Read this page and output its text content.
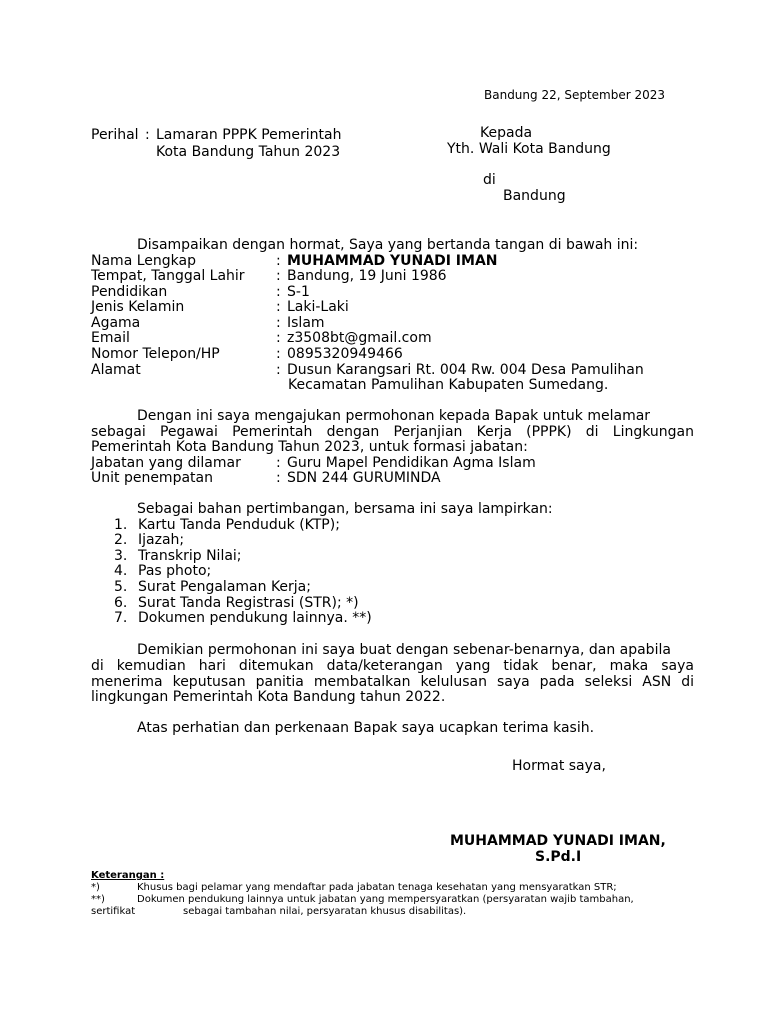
Bandung 22, September 2023
Perihal : Lamaran PPPK Pemerintah
Kota Bandung Tahun 2023
Kepada
Yth. Wali Kota Bandung
di
Bandung
Disampaikan dengan hormat, Saya yang bertanda tangan di bawah ini:
Nama Lengkap	: MUHAMMAD YUNADI IMAN
Tempat, Tanggal Lahir : Bandung, 19 Juni 1986
Pendidikan	: S-1
Jenis Kelamin	: Laki-Laki
Agama	: Islam
Email	: z3508bt@gmail.com
Nomor Telepon/HP	: 0895320949466
Alamat	: Dusun Karangsari Rt. 004 Rw. 004 Desa Pamulihan
Kecamatan Pamulihan Kabupaten Sumedang.
Dengan ini saya mengajukan permohonan kepada Bapak untuk melamar
sebagai Pegawai Pemerintah dengan Perjanjian Kerja (PPPK) di Lingkungan
Pemerintah Kota Bandung Tahun 2023, untuk formasi jabatan:
Jabatan yang dilamar	: Guru Mapel Pendidikan Agma Islam
Unit penempatan	: SDN 244 GURUMINDA
Sebagai bahan pertimbangan, bersama ini saya lampirkan:
1. Kartu Tanda Penduduk (KTP);
2. Ijazah;
3. Transkrip Nilai;
4. Pas photo;
5. Surat Pengalaman Kerja;
6. Surat Tanda Registrasi (STR); *)
7. Dokumen pendukung lainnya. **)
Demikian permohonan ini saya buat dengan sebenar-benarnya, dan apabila
di kemudian hari ditemukan data/keterangan yang tidak benar, maka saya
menerima keputusan panitia membatalkan kelulusan saya pada seleksi ASN di
lingkungan Pemerintah Kota Bandung tahun 2022.
Atas perhatian dan perkenaan Bapak saya ucapkan terima kasih.
Hormat saya,
MUHAMMAD YUNADI IMAN,
S.Pd.I
Keterangan :
*)	Khusus bagi pelamar yang mendaftar pada jabatan tenaga kesehatan yang mensyaratkan STR;
**)	Dokumen pendukung lainnya untuk jabatan yang mempersyaratkan (persyaratan wajib tambahan,
sertifikat	sebagai tambahan nilai, persyaratan khusus disabilitas).
